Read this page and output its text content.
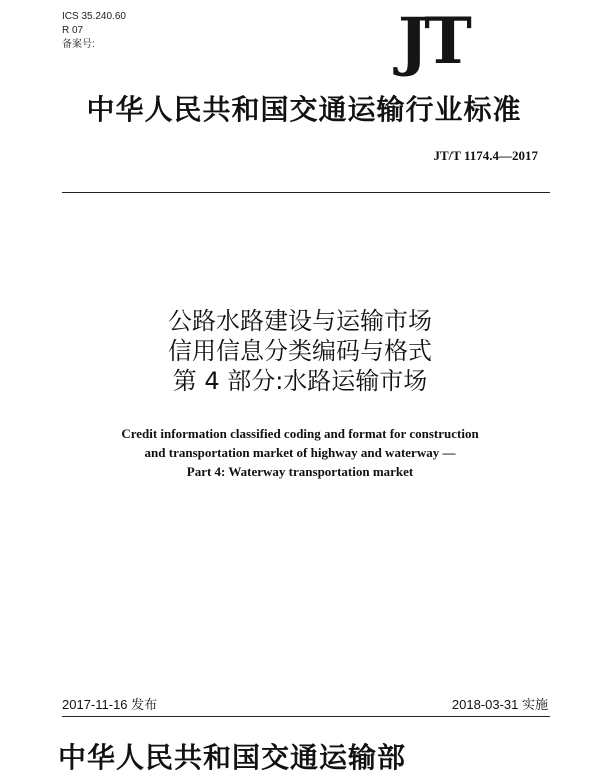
ICS 35.240.60
R 07
备案号:	JT
中华人民共和国交通运输行业标准
JT/T 1174.4—2017
公路水路建设与运输市场
信用信息分类编码与格式
第 4 部分:水路运输市场
Credit information classified coding and format for construction
and transportation market of highway and waterway —
Part 4: Waterway transportation market
2017-11-16 发布	2018-03-31 实施
中华人民共和国交通运输部
